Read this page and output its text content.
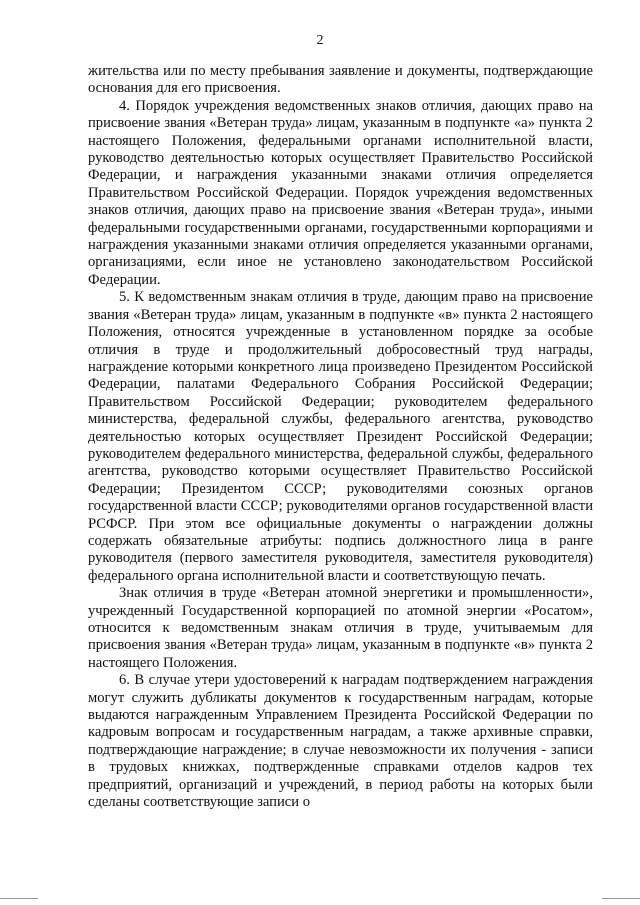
2

жительства или по месту пребывания заявление и документы, подтверждающие основания для его присвоения.

4. Порядок учреждения ведомственных знаков отличия, дающих право на присвоение звания «Ветеран труда» лицам, указанным в подпункте «а» пункта 2 настоящего Положения, федеральными органами исполнительной власти, руководство деятельностью которых осуществляет Правительство Российской Федерации, и награждения указанными знаками отличия определяется Правительством Российской Федерации. Порядок учреждения ведомственных знаков отличия, дающих право на присвоение звания «Ветеран труда», иными федеральными государственными органами, государственными корпорациями и награждения указанными знаками отличия определяется указанными органами, организациями, если иное не установлено законодательством Российской Федерации.

5. К ведомственным знакам отличия в труде, дающим право на присвоение звания «Ветеран труда» лицам, указанным в подпункте «в» пункта 2 настоящего Положения, относятся учрежденные в установленном порядке за особые отличия в труде и продолжительный добросовестный труд награды, награждение которыми конкретного лица произведено Президентом Российской Федерации, палатами Федерального Собрания Российской Федерации; Правительством Российской Федерации; руководителем федерального министерства, федеральной службы, федерального агентства, руководство деятельностью которых осуществляет Президент Российской Федерации; руководителем федерального министерства, федеральной службы, федерального агентства, руководство которыми осуществляет Правительство Российской Федерации; Президентом СССР; руководителями союзных органов государственной власти СССР; руководителями органов государственной власти РСФСР. При этом все официальные документы о награждении должны содержать обязательные атрибуты: подпись должностного лица в ранге руководителя (первого заместителя руководителя, заместителя руководителя) федерального органа исполнительной власти и соответствующую печать.

Знак отличия в труде «Ветеран атомной энергетики и промышленности», учрежденный Государственной корпорацией по атомной энергии «Росатом», относится к ведомственным знакам отличия в труде, учитываемым для присвоения звания «Ветеран труда» лицам, указанным в подпункте «в» пункта 2 настоящего Положения.

6. В случае утери удостоверений к наградам подтверждением награждения могут служить дубликаты документов к государственным наградам, которые выдаются награжденным Управлением Президента Российской Федерации по кадровым вопросам и государственным наградам, а также архивные справки, подтверждающие награждение; в случае невозможности их получения - записи в трудовых книжках, подтвержденные справками отделов кадров тех предприятий, организаций и учреждений, в период работы на которых были сделаны соответствующие записи о
